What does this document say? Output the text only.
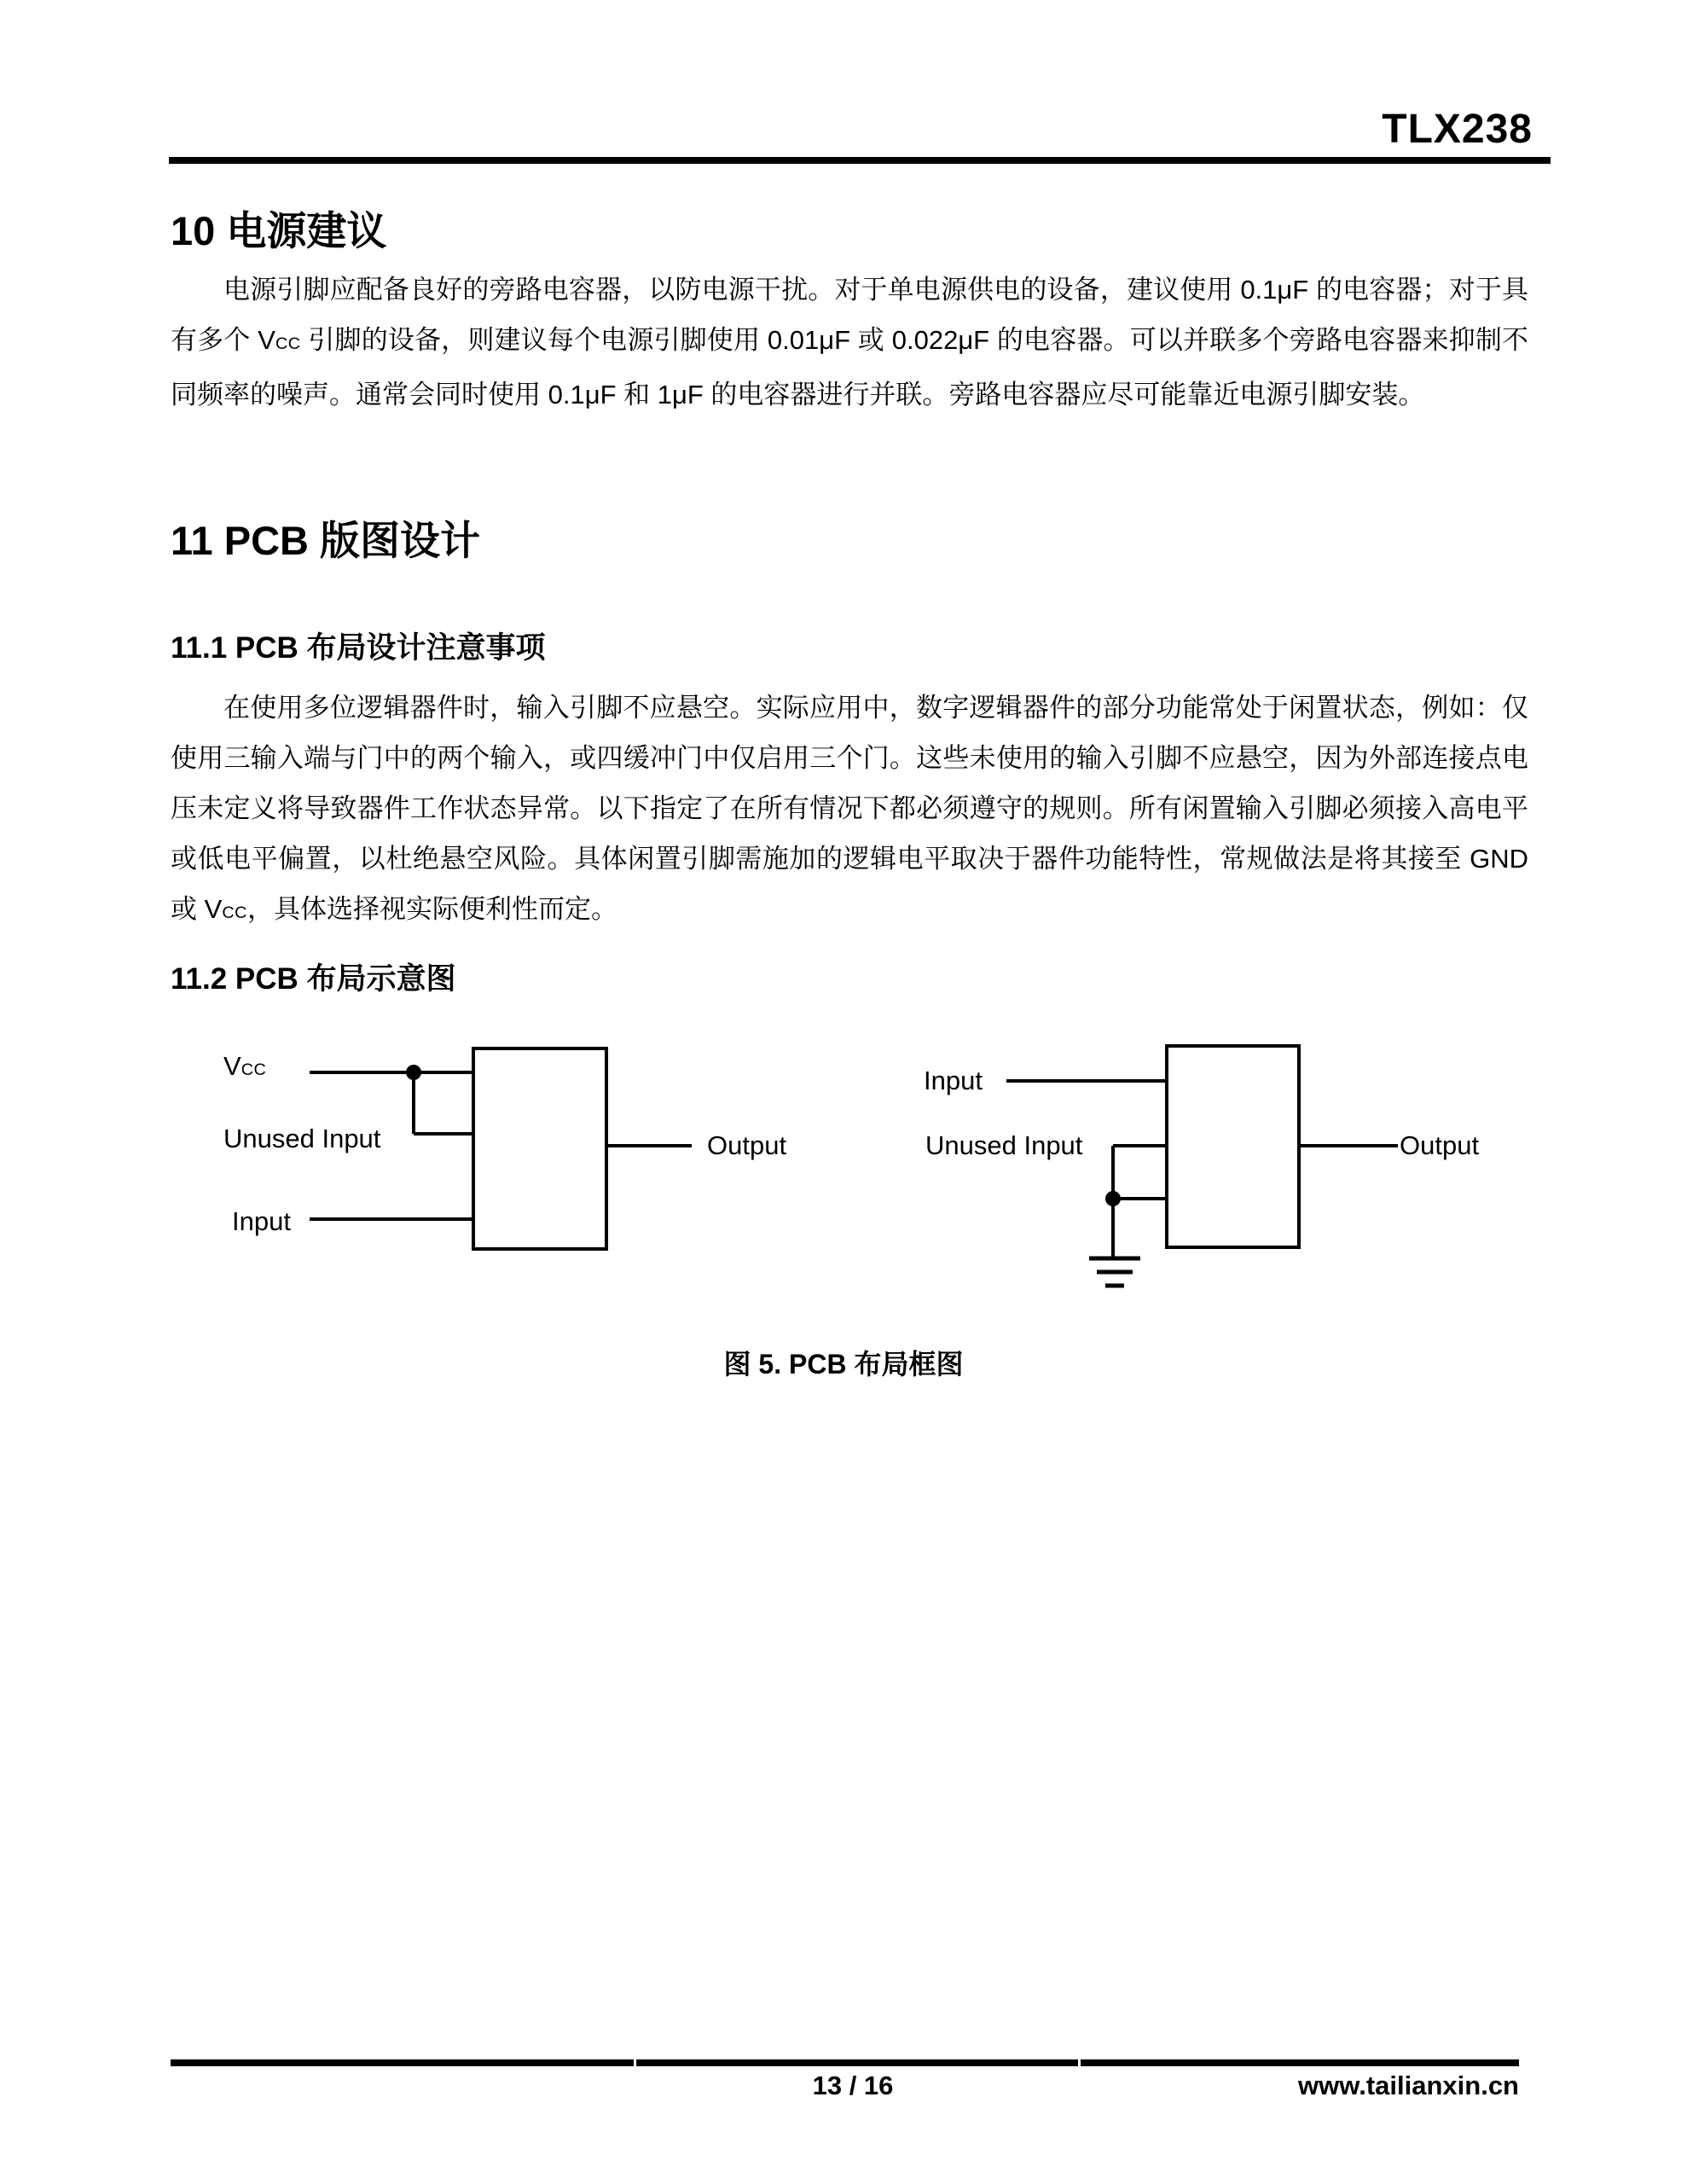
TLX238
10 电源建议
电源引脚应配备良好的旁路电容器，以防电源干扰。对于单电源供电的设备，建议使用 0.1μF 的电容器；对于具有多个 VCC 引脚的设备，则建议每个电源引脚使用 0.01μF 或 0.022μF 的电容器。可以并联多个旁路电容器来抑制不同频率的噪声。通常会同时使用 0.1μF 和 1μF 的电容器进行并联。旁路电容器应尽可能靠近电源引脚安装。
11 PCB 版图设计
11.1 PCB 布局设计注意事项
在使用多位逻辑器件时，输入引脚不应悬空。实际应用中，数字逻辑器件的部分功能常处于闲置状态，例如：仅使用三输入端与门中的两个输入，或四缓冲门中仅启用三个门。这些未使用的输入引脚不应悬空，因为外部连接点电压未定义将导致器件工作状态异常。以下指定了在所有情况下都必须遵守的规则。所有闲置输入引脚必须接入高电平或低电平偏置，以杜绝悬空风险。具体闲置引脚需施加的逻辑电平取决于器件功能特性，常规做法是将其接至 GND 或 VCC，具体选择视实际便利性而定。
11.2 PCB 布局示意图
VCC
Unused Input
Input
Output
Input
Unused Input	Output
图 5. PCB 布局框图
13 / 16	www.tailianxin.cn
